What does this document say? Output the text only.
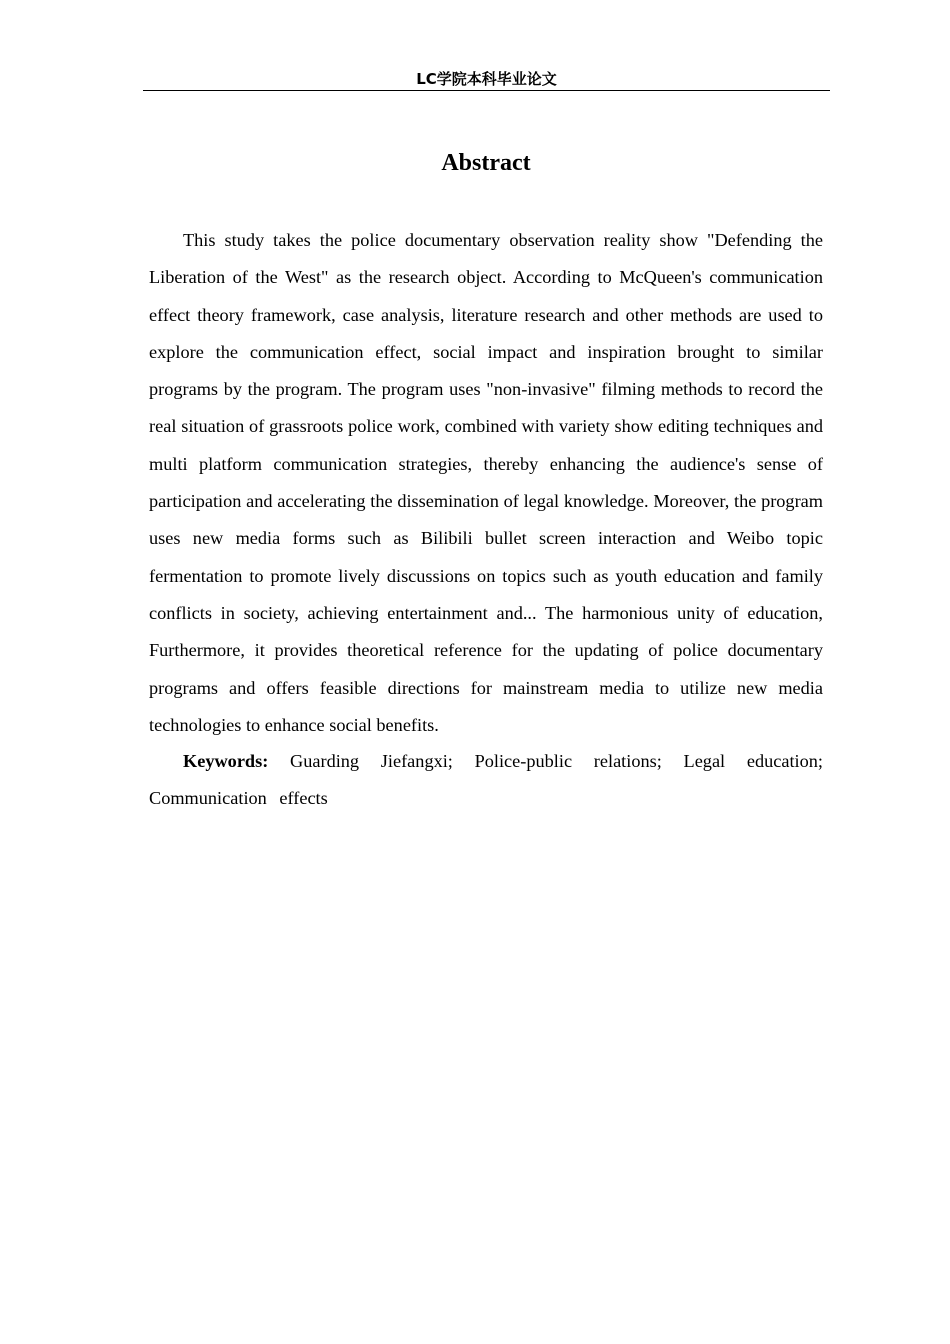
LC学院本科毕业论文
Abstract

This study takes the police documentary observation reality show "Defending the Liberation of the West" as the research object. According to McQueen's communication effect theory framework, case analysis, literature research and other methods are used to explore the communication effect, social impact and inspiration brought to similar programs by the program. The program uses "non-invasive" filming methods to record the real situation of grassroots police work, combined with variety show editing techniques and multi platform communication strategies, thereby enhancing the audience's sense of participation and accelerating the dissemination of legal knowledge. Moreover, the program uses new media forms such as Bilibili bullet screen interaction and Weibo topic fermentation to promote lively discussions on topics such as youth education and family conflicts in society, achieving entertainment and... The harmonious unity of education, Furthermore, it provides theoretical reference for the updating of police documentary programs and offers feasible directions for mainstream media to utilize new media technologies to enhance social benefits.

Keywords: Guarding Jiefangxi; Police-public relations; Legal education; Communication effects
